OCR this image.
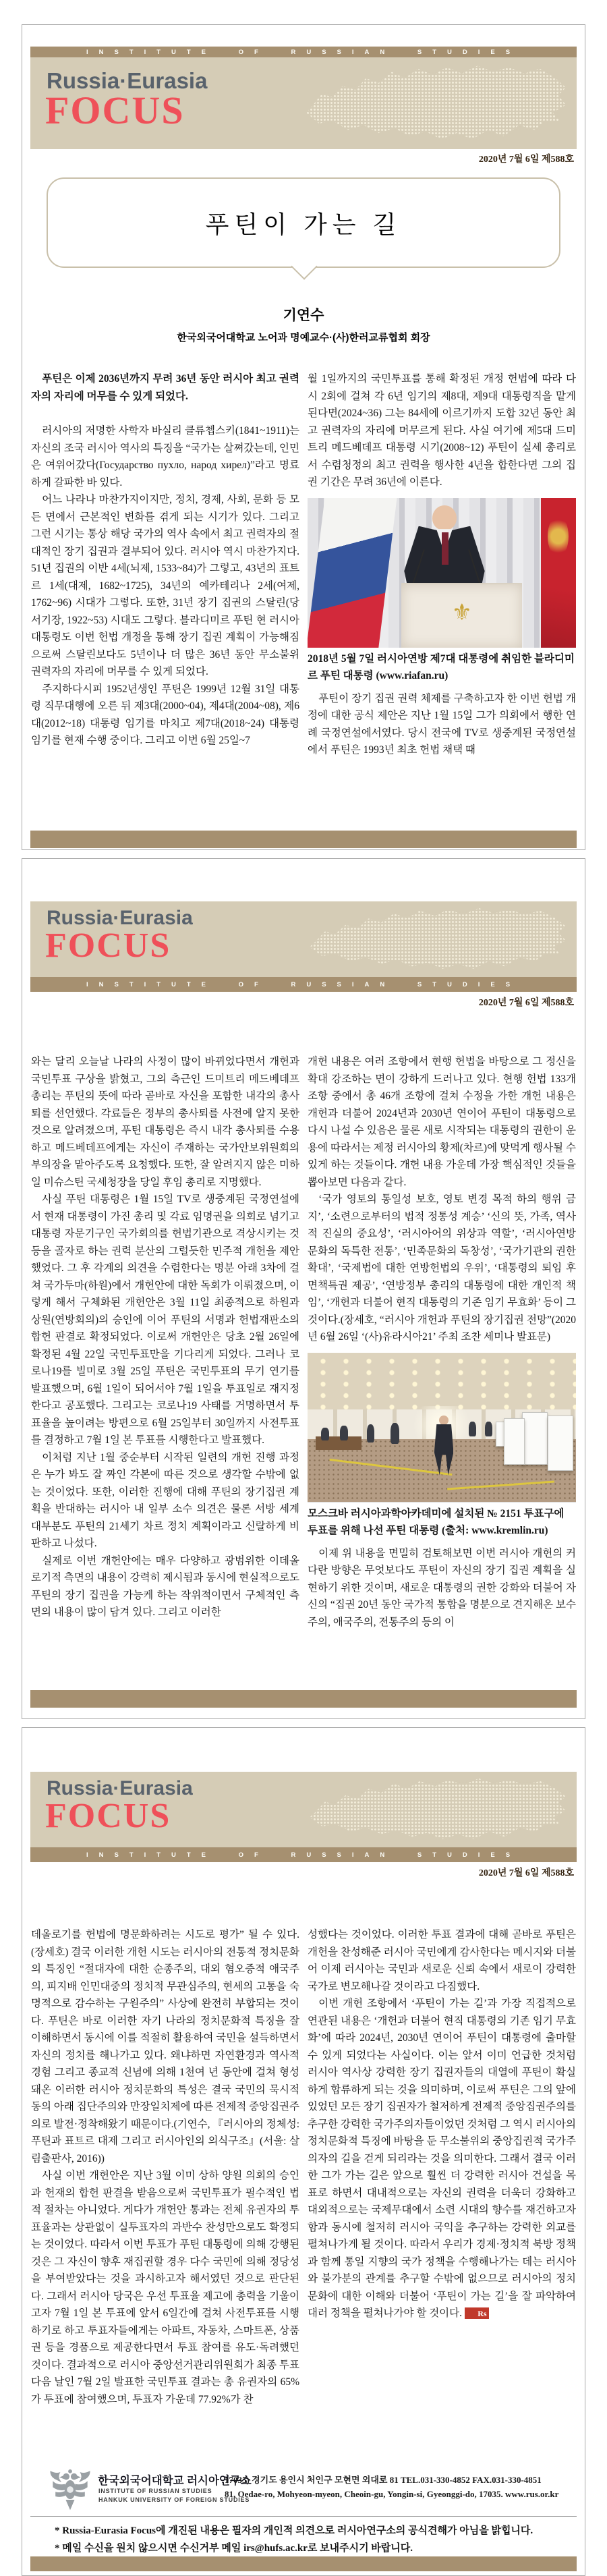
INSTITUTE OF RUSSIAN STUDIES
Russia·Eurasia
FOCUS
2020년 7월 6일 제588호
푸틴이 가는 길
기연수
한국외국어대학교 노어과 명예교수·(사)한러교류협회 회장

푸틴은 이제 2036년까지 무려 36년 동안 러시아 최고 권력자의 자리에 머무를 수 있게 되었다.

러시아의 저명한 사학자 바실리 클류쳅스키(1841~1911)는 자신의 조국 러시아 역사의 특징을 “국가는 살쪄갔는데, 인민은 여위어갔다(Государство пухло, народ хирел)”라고 명료하게 갈파한 바 있다.

어느 나라나 마찬가지이지만, 정치, 경제, 사회, 문화 등 모든 면에서 근본적인 변화를 겪게 되는 시기가 있다. 그리고 그런 시기는 통상 해당 국가의 역사 속에서 최고 권력자의 절대적인 장기 집권과 결부되어 있다. 러시아 역시 마찬가지다. 51년 집권의 이반 4세(뇌제, 1533~84)가 그렇고, 43년의 표트르 1세(대제, 1682~1725), 34년의 예카테리나 2세(여제, 1762~96) 시대가 그렇다. 또한, 31년 장기 집권의 스탈린(당서기장, 1922~53) 시대도 그렇다. 블라디미르 푸틴 현 러시아 대통령도 이번 헌법 개정을 통해 장기 집권 계획이 가능해짐으로써 스탈린보다도 5년이나 더 많은 36년 동안 무소불위 권력자의 자리에 머무를 수 있게 되었다.

주지하다시피 1952년생인 푸틴은 1999년 12월 31일 대통령 직무대행에 오른 뒤 제3대(2000~04), 제4대(2004~08), 제6대(2012~18) 대통령 임기를 마치고 제7대(2018~24) 대통령 임기를 현재 수행 중이다. 그리고 이번 6월 25일~7

월 1일까지의 국민투표를 통해 확정된 개정 헌법에 따라 다시 2회에 걸쳐 각 6년 임기의 제8대, 제9대 대통령직을 맡게 된다면(2024~36) 그는 84세에 이르기까지 도합 32년 동안 최고 권력자의 자리에 머무르게 된다. 사실 여기에 제5대 드미트리 메드베데프 대통령 시기(2008~12) 푸틴이 실세 총리로서 수렴청정의 최고 권력을 행사한 4년을 합한다면 그의 집권 기간은 무려 36년에 이른다.

⚜

2018년 5월 7일 러시아연방 제7대 대통령에 취임한 블라디미르 푸틴 대통령 (www.riafan.ru)

푸틴이 장기 집권 권력 체제를 구축하고자 한 이번 헌법 개정에 대한 공식 제안은 지난 1월 15일 그가 의회에서 행한 연례 국정연설에서였다. 당시 전국에 TV로 생중계된 국정연설에서 푸틴은 1993년 최초 헌법 채택 때

Russia·Eurasia
FOCUS
INSTITUTE OF RUSSIAN STUDIES
2020년 7월 6일 제588호

와는 달리 오늘날 나라의 사정이 많이 바뀌었다면서 개헌과 국민투표 구상을 밝혔고, 그의 측근인 드미트리 메드베데프 총리는 푸틴의 뜻에 따라 곧바로 자신을 포함한 내각의 총사퇴를 선언했다. 각료들은 정부의 총사퇴를 사전에 알지 못한 것으로 알려졌으며, 푸틴 대통령은 즉시 내각 총사퇴를 수용하고 메드베데프에게는 자신이 주재하는 국가안보위원회의 부의장을 맡아주도록 요청했다. 또한, 잘 알려지지 않은 미하일 미슈스틴 국세청장을 당일 후임 총리로 지명했다.

사실 푸틴 대통령은 1월 15일 TV로 생중계된 국정연설에서 현재 대통령이 가진 총리 및 각료 임명권을 의회로 넘기고 대통령 자문기구인 국가회의를 헌법기관으로 격상시키는 것 등을 골자로 하는 권력 분산의 그럴듯한 민주적 개헌을 제안했었다. 그 후 각계의 의견을 수렴한다는 명분 아래 3차에 걸쳐 국가두마(하원)에서 개헌안에 대한 독회가 이뤄졌으며, 이렇게 해서 구체화된 개헌안은 3월 11일 최종적으로 하원과 상원(연방회의)의 승인에 이어 푸틴의 서명과 헌법재판소의 합헌 판결로 확정되었다. 이로써 개헌안은 당초 2월 26일에 확정된 4월 22일 국민투표만을 기다리게 되었다. 그러나 코로나19를 빌미로 3월 25일 푸틴은 국민투표의 무기 연기를 발표했으며, 6월 1일이 되어서야 7월 1일을 투표일로 재지정한다고 공포했다. 그리고는 코로나19 사태를 거명하면서 투표율을 높이려는 방편으로 6월 25일부터 30일까지 사전투표를 결정하고 7월 1일 본 투표를 시행한다고 발표했다.

이처럼 지난 1월 중순부터 시작된 일련의 개헌 진행 과정은 누가 봐도 잘 짜인 각본에 따른 것으로 생각할 수밖에 없는 것이었다. 또한, 이러한 진행에 대해 푸틴의 장기집권 계획을 반대하는 러시아 내 일부 소수 의견은 물론 서방 세계 대부분도 푸틴의 21세기 차르 정치 계획이라고 신랄하게 비판하고 나섰다.

실제로 이번 개헌안에는 매우 다양하고 광범위한 이데올로기적 측면의 내용이 강력히 제시됨과 동시에 현실적으로도 푸틴의 장기 집권을 가능케 하는 작위적이면서 구체적인 측면의 내용이 많이 담겨 있다. 그리고 이러한

개헌 내용은 여러 조항에서 현행 헌법을 바탕으로 그 정신을 확대 강조하는 면이 강하게 드러나고 있다. 현행 헌법 133개 조항 중에서 총 46개 조항에 걸쳐 수정을 가한 개헌 내용은 개헌과 더불어 2024년과 2030년 연이어 푸틴이 대통령으로 다시 나설 수 있음은 물론 새로 시작되는 대통령의 권한이 운용에 따라서는 제정 러시아의 황제(차르)에 맞먹게 행사될 수 있게 하는 것들이다. 개헌 내용 가운데 가장 핵심적인 것들을 뽑아보면 다음과 같다.

‘국가 영토의 통일성 보호, 영토 변경 목적 하의 행위 금지’, ‘소련으로부터의 법적 정통성 계승’ ‘신의 뜻, 가족, 역사적 진실의 중요성’, ‘러시아어의 위상과 역할’, ‘러시아연방 문화의 독특한 전통’, ‘민족문화의 독창성’, ‘국가기관의 권한 확대’, ‘국제법에 대한 연방헌법의 우위’, ‘대통령의 퇴임 후 면책특권 제공’, ‘연방정부 총리의 대통령에 대한 개인적 책임’, ‘개헌과 더불어 현직 대통령의 기존 임기 무효화’ 등이 그것이다.(장세호, “러시아 개헌과 푸틴의 장기집권 전망”(2020년 6월 26일 ‘(사)유라시아21’ 주최 조찬 세미나 발표문)

모스크바 러시아과학아카데미에 설치된 № 2151 투표구에 투표를 위해 나선 푸틴 대통령 (출처: www.kremlin.ru)

이제 위 내용을 면밀히 검토해보면 이번 러시아 개헌의 커다란 방향은 무엇보다도 푸틴이 자신의 장기 집권 계획을 실현하기 위한 것이며, 새로운 대통령의 권한 강화와 더불어 자신의 “집권 20년 동안 국가적 통합을 명분으로 견지해온 보수주의, 애국주의, 전통주의 등의 이

Russia·Eurasia
FOCUS
INSTITUTE OF RUSSIAN STUDIES
2020년 7월 6일 제588호

데올로기를 헌법에 명문화하려는 시도로 평가” 될 수 있다.(장세호) 결국 이러한 개헌 시도는 러시아의 전통적 정치문화의 특징인 “절대자에 대한 순종주의, 대외 혐오증적 애국주의, 피지배 인민대중의 정치적 무관심주의, 현세의 고통을 숙명적으로 감수하는 구원주의” 사상에 완전히 부합되는 것이다. 푸틴은 바로 이러한 자기 나라의 정치문화적 특징을 잘 이해하면서 동시에 이를 적절히 활용하여 국민을 설득하면서 자신의 정치를 해나가고 있다. 왜냐하면 자연환경과 역사적 경험 그리고 종교적 신념에 의해 1천여 년 동안에 걸쳐 형성돼온 이러한 러시아 정치문화의 특성은 결국 국민의 묵시적 동의 아래 집단주의와 만장일치제에 따른 전제적 중앙집권주의로 발전·정착해왔기 때문이다.(기연수, 『러시아의 정체성: 푸틴과 표트르 대제 그리고 러시아인의 의식구조』(서울: 살림출판사, 2016))

사실 이번 개헌안은 지난 3월 이미 상하 양원 의회의 승인과 헌재의 합헌 판결을 받음으로써 국민투표가 필수적인 법적 절차는 아니었다. 게다가 개헌안 통과는 전체 유권자의 투표율과는 상관없이 실투표자의 과반수 찬성만으로도 확정되는 것이었다. 따라서 이번 투표가 푸틴 대통령에 의해 강행된 것은 그 자신이 향후 재집권할 경우 다수 국민에 의해 정당성을 부여받았다는 것을 과시하고자 해서였던 것으로 판단된다. 그래서 러시아 당국은 우선 투표율 제고에 총력을 기울이고자 7월 1일 본 투표에 앞서 6일간에 걸쳐 사전투표를 시행하기로 하고 투표자들에게는 아파트, 자동차, 스마트폰, 상품권 등을 경품으로 제공한다면서 투표 참여를 유도·독려했던 것이다. 결과적으로 러시아 중앙선거관리위원회가 최종 투표 다음 날인 7월 2일 발표한 국민투표 결과는 총 유권자의 65%가 투표에 참여했으며, 투표자 가운데 77.92%가 찬

성했다는 것이었다. 이러한 투표 결과에 대해 곧바로 푸틴은 개헌을 찬성해준 러시아 국민에게 감사한다는 메시지와 더불어 이제 러시아는 국민과 새로운 신뢰 속에서 새로이 강력한 국가로 변모해나갈 것이라고 다짐했다.

이번 개헌 조항에서 ‘푸틴이 가는 길’과 가장 직접적으로 연관된 내용은 ‘개헌과 더불어 현직 대통령의 기존 임기 무효화’에 따라 2024년, 2030년 연이어 푸틴이 대통령에 출마할 수 있게 되었다는 사실이다. 이는 앞서 이미 언급한 것처럼 러시아 역사상 강력한 장기 집권자들의 대열에 푸틴이 확실하게 합류하게 되는 것을 의미하며, 이로써 푸틴은 그의 앞에 있었던 모든 장기 집권자가 철저하게 전제적 중앙집권주의를 추구한 강력한 국가주의자들이었던 것처럼 그 역시 러시아의 정치문화적 특징에 바탕을 둔 무소불위의 중앙집권적 국가주의자의 길을 걷게 되리라는 것을 의미한다. 그래서 결국 이러한 그가 가는 길은 앞으로 훨씬 더 강력한 러시아 건설을 목표로 하면서 대내적으로는 자신의 권력을 더욱더 강화하고 대외적으로는 국제무대에서 소련 시대의 향수를 재건하고자 함과 동시에 철저히 러시아 국익을 추구하는 강력한 외교를 펼쳐나가게 될 것이다. 따라서 우리가 경제·정치적 북방 정책과 함께 통일 지향의 국가 정책을 수행해나가는 데는 러시아와 불가분의 관계를 추구할 수밖에 없으므로 러시아의 정치문화에 대한 이해와 더불어 ‘푸틴이 가는 길’을 잘 파악하여 대러 정책을 펼쳐나가야 할 것이다. Rs

한국외국어대학교 러시아연구소
INSTITUTE OF RUSSIAN STUDIES
HANKUK UNIVERSITY OF FOREIGN STUDIES
17035) 경기도 용인시 처인구 모현면 외대로 81 TEL.031-330-4852 FAX.031-330-4851
81, Oedae-ro, Mohyeon-myeon, Cheoin-gu, Yongin-si, Gyeonggi-do, 17035. www.rus.or.kr
* Russia-Eurasia Focus에 개진된 내용은 필자의 개인적 의견으로 러시아연구소의 공식견해가 아님을 밝힙니다.
* 메일 수신을 원치 않으시면 수신거부 메일 irs@hufs.ac.kr로 보내주시기 바랍니다.
